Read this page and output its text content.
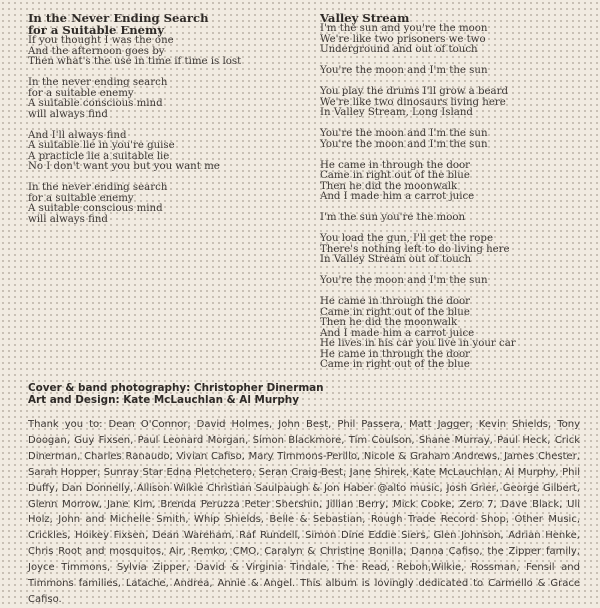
In the Never Ending Search
for a Suitable Enemy
If you thought I was the one
And the afternoon goes by
Then what's the use in time if time is lost
In the never ending search
for a suitable enemy
A suitable conscious mind
will always find
And I'll always find
A suitable lie in you're guise
A practicle lie a suitable lie
No I don't want you but you want me
In the never ending search
for a suitable enemy
A suitable conscious mind
will always find
Valley Stream
I'm the sun and you're the moon
We're like two prisoners we two
Underground and out of touch
You're the moon and I'm the sun
You play the drums I'll grow a beard
We're like two dinosaurs living here
In Valley Stream, Long Island
You're the moon and I'm the sun
You're the moon and I'm the sun
He came in through the door
Came in right out of the blue
Then he did the moonwalk
And I made him a carrot juice
I'm the sun you're the moon
You load the gun, I'll get the rope
There's nothing left to do living here
In Valley Stream out of touch
You're the moon and I'm the sun
He came in through the door
Came in right out of the blue
Then he did the moonwalk
And I made him a carrot juice
He lives in his car you live in your car
He came in through the door
Came in right out of the blue
Cover & band photography: Christopher Dinerman
Art and Design: Kate McLauchlan & Al Murphy

Thank you to: Dean O'Connor, David Holmes, John Best, Phil Passera, Matt Jagger, Kevin Shields, Tony Doogan, Guy Fixsen, Paul Leonard Morgan, Simon Blackmore, Tim Coulson, Shane Murray, Paul Heck, Crick Dinerman, Charles Ranaudo, Vivian Cafiso, Mary Timmons-Perillo, Nicole & Graham Andrews, James Chester, Sarah Hopper, Sunray Star Edna Pletchetero, Seran Craig-Best, Jane Shirek, Kate McLauchlan, Al Murphy, Phil Duffy, Dan Donnelly, Allison Wilkie Christian Saulpaugh & Jon Haber @alto music, Josh Grier, George Gilbert, Glenn Morrow, Jane Kim, Brenda Peruzza Peter Shershin, Jillian Berry, Mick Cooke, Zero 7, Dave Black, Uli Holz, John and Michelle Smith, Whip Shields, Belle & Sebastian, Rough Trade Record Shop, Other Music, Crickles, Hoikey Fixsen, Dean Wareham, Raf Rundell, Simon Dine Eddie Siers, Glen Johnson, Adrian Henke, Chris Root and mosquitos, Air, Remko, CMO, Caralyn & Christine Bonilla, Danna Cafiso, the Zipper family, Joyce Timmons, Sylvia Zipper, David & Virginia Tindale, The Read, Reboh,Wilkie, Rossman, Fensil and Timmons families, Latache, Andrea, Annie & Angel. This album is lovingly dedicated to Carmello & Grace Cafiso.
